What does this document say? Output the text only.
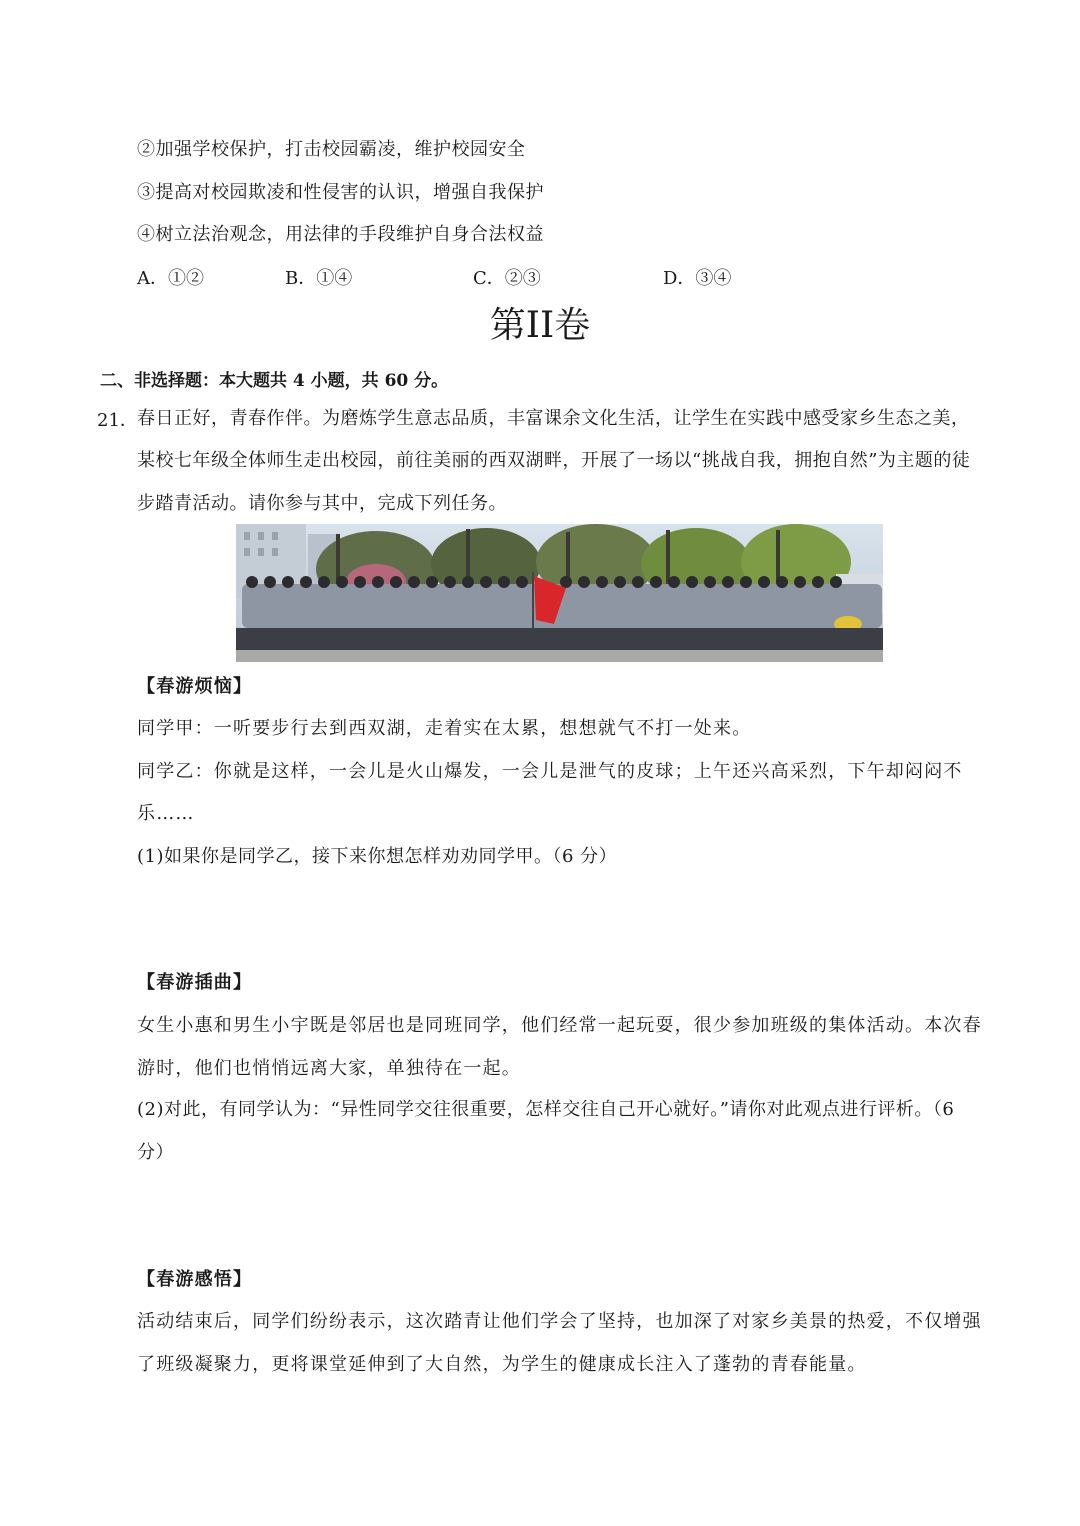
②加强学校保护，打击校园霸凌，维护校园安全
③提高对校园欺凌和性侵害的认识，增强自我保护
④树立法治观念，用法律的手段维护自身合法权益
A．①②	B．①④	C．②③	D．③④
第II卷
二、非选择题：本大题共 4 小题，共 60 分。
21． 春日正好，青春作伴。为磨炼学生意志品质，丰富课余文化生活，让学生在实践中感受家乡生态之美，
某校七年级全体师生走出校园，前往美丽的西双湖畔，开展了一场以“挑战自我，拥抱自然”为主题的徒
步踏青活动。请你参与其中，完成下列任务。
【春游烦恼】
同学甲：一听要步行去到西双湖，走着实在太累，想想就气不打一处来。
同学乙：你就是这样，一会儿是火山爆发，一会儿是泄气的皮球；上午还兴高采烈，下午却闷闷不
乐……
(1)如果你是同学乙，接下来你想怎样劝劝同学甲。（6 分）
【春游插曲】
女生小惠和男生小宇既是邻居也是同班同学，他们经常一起玩耍，很少参加班级的集体活动。本次春
游时，他们也悄悄远离大家，单独待在一起。
(2)对此，有同学认为：“异性同学交往很重要，怎样交往自己开心就好。”请你对此观点进行评析。（6
分）
【春游感悟】
活动结束后，同学们纷纷表示，这次踏青让他们学会了坚持，也加深了对家乡美景的热爱，不仅增强
了班级凝聚力，更将课堂延伸到了大自然，为学生的健康成长注入了蓬勃的青春能量。
